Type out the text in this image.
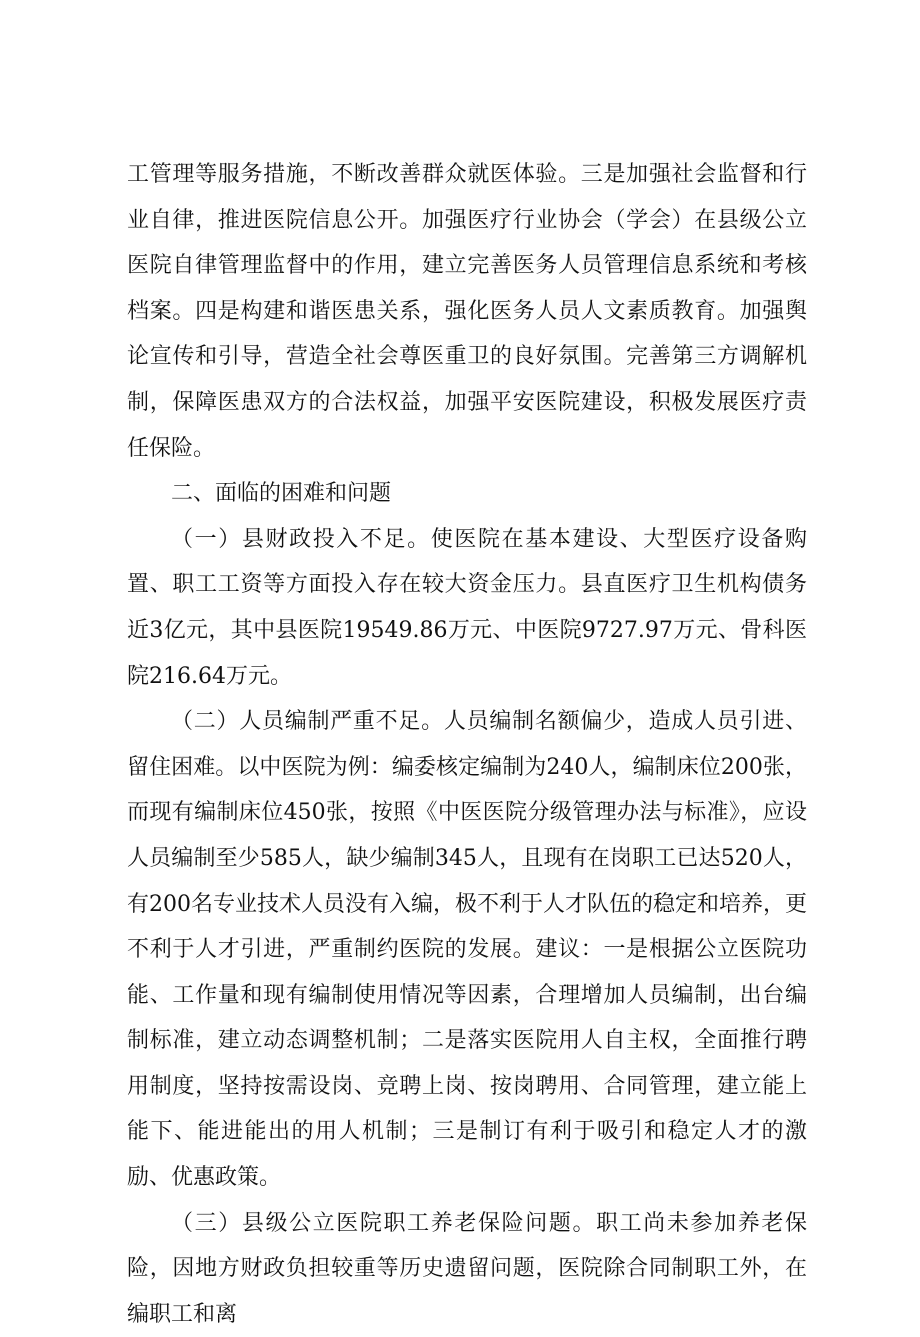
工管理等服务措施，不断改善群众就医体验。三是加强社会监督和行业自律，推进医院信息公开。加强医疗行业协会（学会）在县级公立医院自律管理监督中的作用，建立完善医务人员管理信息系统和考核档案。四是构建和谐医患关系，强化医务人员人文素质教育。加强舆论宣传和引导，营造全社会尊医重卫的良好氛围。完善第三方调解机制，保障医患双方的合法权益，加强平安医院建设，积极发展医疗责任保险。

二、面临的困难和问题

（一）县财政投入不足。使医院在基本建设、大型医疗设备购置、职工工资等方面投入存在较大资金压力。县直医疗卫生机构债务近3亿元，其中县医院19549.86万元、中医院9727.97万元、骨科医院216.64万元。

（二）人员编制严重不足。人员编制名额偏少，造成人员引进、留住困难。以中医院为例：编委核定编制为240人，编制床位200张，而现有编制床位450张，按照《中医医院分级管理办法与标准》，应设人员编制至少585人，缺少编制345人，且现有在岗职工已达520人，有200名专业技术人员没有入编，极不利于人才队伍的稳定和培养，更不利于人才引进，严重制约医院的发展。建议：一是根据公立医院功能、工作量和现有编制使用情况等因素，合理增加人员编制，出台编制标准，建立动态调整机制；二是落实医院用人自主权，全面推行聘用制度，坚持按需设岗、竞聘上岗、按岗聘用、合同管理，建立能上能下、能进能出的用人机制；三是制订有利于吸引和稳定人才的激励、优惠政策。

（三）县级公立医院职工养老保险问题。职工尚未参加养老保险，因地方财政负担较重等历史遗留问题，医院除合同制职工外，在编职工和离
